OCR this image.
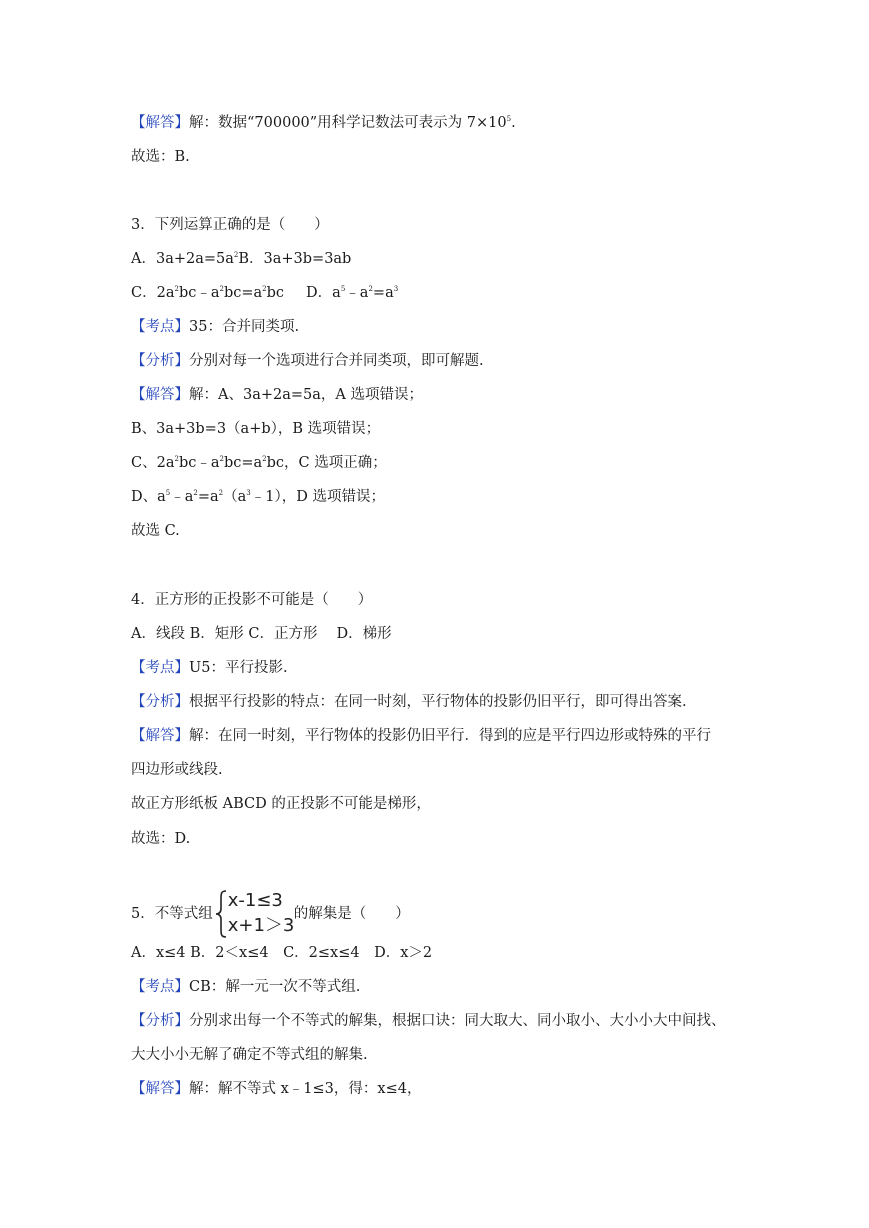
【解答】解：数据“700000”用科学记数法可表示为 $7\times 10^5$.
故选：B.
3．下列运算正确的是（　　）
A．$3a+2a=5a^2B$．3a+3b=3ab
C．$2a^2bc﹣a^2bc=a^2bc$ D．$a^5﹣a^2=a^3$
【考点】35：合并同类项.
【分析】分别对每一个选项进行合并同类项，即可解题.
【解答】解：A、3a+2a=5a，A 选项错误；
B、3a+3b=3（a+b），B 选项错误；
C、$2a^2bc﹣a^2bc=a^2bc$，C 选项正确；
D、$a^5﹣a^2=a^2(a^3﹣1)$，D 选项错误；
故选 C.
4．正方形的正投影不可能是（　　）
A．线段 B．矩形 C．正方形　 D．梯形
【考点】U5：平行投影.
【分析】根据平行投影的特点：在同一时刻，平行物体的投影仍旧平行，即可得出答案.
【解答】解：在同一时刻，平行物体的投影仍旧平行．得到的应是平行四边形或特殊的平行
四边形或线段.
故正方形纸板 ABCD 的正投影不可能是梯形，
故选：D.
5．不等式组
x-1≤3
x+1＞3
的解集是（　　）
A．x≤4 B．2＜x≤4　C．2≤x≤4　D．x＞2
【考点】CB：解一元一次不等式组.
【分析】分别求出每一个不等式的解集，根据口诀：同大取大、同小取小、大小小大中间找、
大大小小无解了确定不等式组的解集.
【解答】解：解不等式 x﹣1≤3，得：x≤4，
